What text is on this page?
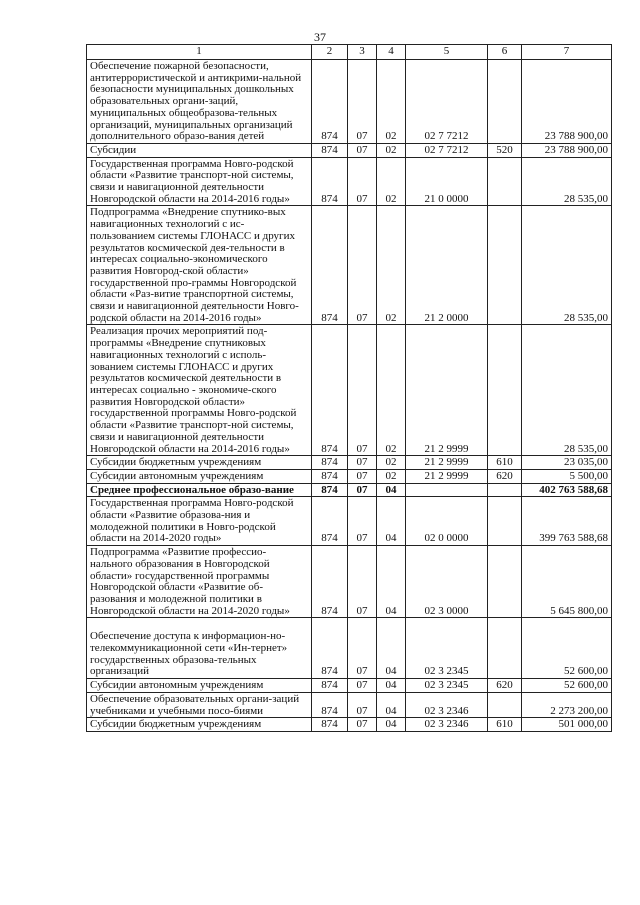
37
1	2	3	4	5	6	7
Обеспечение пожарной безопасности, антитеррористической и антикрими-нальной безопасности муниципальных дошкольных образовательных органи-заций, муниципальных общеобразова-тельных организаций, муниципальных организаций дополнительного образо-вания детей	874	07	02	02 7 7212		23 788 900,00
Субсидии	874	07	02	02 7 7212	520	23 788 900,00
Государственная программа Новго-родской области «Развитие транспорт-ной системы, связи и навигационной деятельности Новгородской области на 2014-2016 годы»	874	07	02	21 0 0000		28 535,00
Подпрограмма «Внедрение спутнико-вых навигационных технологий с ис-пользованием системы ГЛОНАСС и других результатов космической дея-тельности в интересах социально-экономического развития Новгород-ской области» государственной про-граммы Новгородской области «Раз-витие транспортной системы, связи и навигационной деятельности Новго-родской области на 2014-2016 годы»	874	07	02	21 2 0000		28 535,00
Реализация прочих мероприятий под-программы «Внедрение спутниковых навигационных технологий с исполь-зованием системы ГЛОНАСС и других результатов космической деятельности в интересах социально - экономиче-ского развития Новгородской области» государственной программы Новго-родской области «Развитие транспорт-ной системы, связи и навигационной деятельности Новгородской области на 2014-2016 годы»	874	07	02	21 2 9999		28 535,00
Субсидии бюджетным учреждениям	874	07	02	21 2 9999	610	23 035,00
Субсидии автономным учреждениям	874	07	02	21 2 9999	620	5 500,00
Среднее профессиональное образо-вание	874	07	04			402 763 588,68
Государственная программа Новго-родской области «Развитие образова-ния и молодежной политики в Новго-родской области на 2014-2020 годы»	874	07	04	02 0 0000		399 763 588,68
Подпрограмма «Развитие профессио-нального образования в Новгородской области» государственной программы Новгородской области «Развитие об-разования и молодежной политики в Новгородской области на 2014-2020 годы»	874	07	04	02 3 0000		5 645 800,00

Обеспечение доступа к информацион-но-телекоммуникационной сети «Ин-тернет» государственных образова-тельных организаций	874	07	04	02 3 2345		52 600,00
Субсидии автономным учреждениям	874	07	04	02 3 2345	620	52 600,00
Обеспечение образовательных органи-заций учебниками и учебными посо-биями	874	07	04	02 3 2346		2 273 200,00
Субсидии бюджетным учреждениям	874	07	04	02 3 2346	610	501 000,00
